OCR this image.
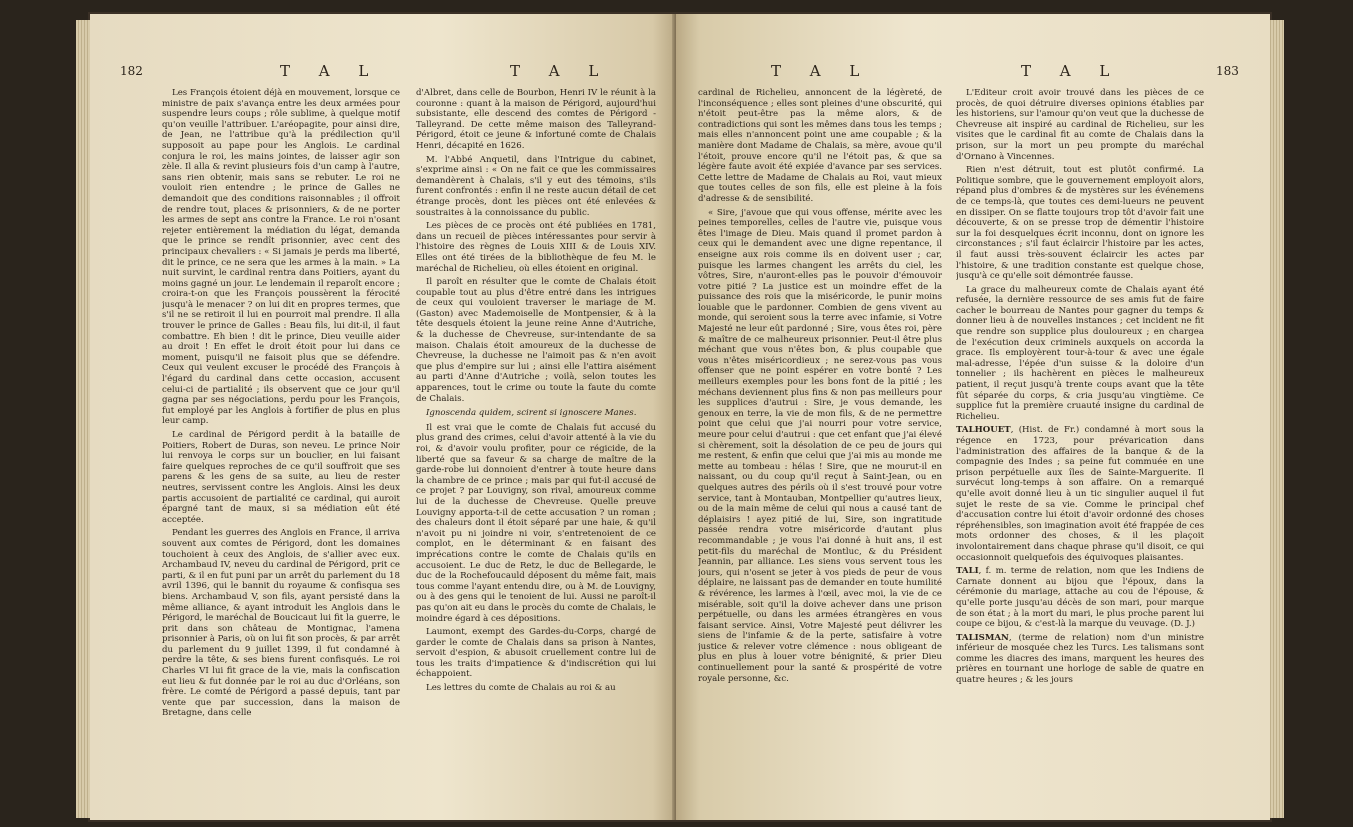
182	T A L	T A L

Les François étoient déjà en mouvement, lorsque ce ministre de paix s'avança entre les deux armées pour suspendre leurs coups ; rôle sublime, à quelque motif qu'on veuille l'attribuer. L'aréopagite, pour ainsi dire, de Jean, ne l'attribue qu'à la prédilection qu'il supposoit au pape pour les Anglois. Le cardinal conjura le roi, les mains jointes, de laisser agir son zèle. Il alla & revint plusieurs fois d'un camp à l'autre, sans rien obtenir, mais sans se rebuter. Le roi ne vouloit rien entendre ; le prince de Galles ne demandoit que des conditions raisonnables ; il offroit de rendre tout, places & prisonniers, & de ne porter les armes de sept ans contre la France. Le roi n'osant rejeter entièrement la médiation du légat, demanda que le prince se rendît prisonnier, avec cent des principaux chevaliers : « Si jamais je perds ma liberté, dit le prince, ce ne sera que les armes à la main. » La nuit survint, le cardinal rentra dans Poitiers, ayant du moins gagné un jour. Le lendemain il reparoît encore ; croira-t-on que les François poussèrent la férocité jusqu'à le menacer ? on lui dit en propres termes, que s'il ne se retiroit il lui en pourroit mal prendre. Il alla trouver le prince de Galles : Beau fils, lui dit-il, il faut combattre. Eh bien ! dit le prince, Dieu veuille aider au droit ! En effet le droit étoit pour lui dans ce moment, puisqu'il ne faisoit plus que se défendre. Ceux qui veulent excuser le procédé des François à l'égard du cardinal dans cette occasion, accusent celui-ci de partialité ; ils observent que ce jour qu'il gagna par ses négociations, perdu pour les François, fut employé par les Anglois à fortifier de plus en plus leur camp.

Le cardinal de Périgord perdit à la bataille de Poitiers, Robert de Duras, son neveu. Le prince Noir lui renvoya le corps sur un bouclier, en lui faisant faire quelques reproches de ce qu'il souffroit que ses parens & les gens de sa suite, au lieu de rester neutres, servissent contre les Anglois. Ainsi les deux partis accusoient de partialité ce cardinal, qui auroit épargné tant de maux, si sa médiation eût été acceptée.

Pendant les guerres des Anglois en France, il arriva souvent aux comtes de Périgord, dont les domaines touchoient à ceux des Anglois, de s'allier avec eux. Archambaud IV, neveu du cardinal de Périgord, prit ce parti, & il en fut puni par un arrêt du parlement du 18 avril 1396, qui le bannit du royaume & confisqua ses biens. Archambaud V, son fils, ayant persisté dans la même alliance, & ayant introduit les Anglois dans le Périgord, le maréchal de Boucicaut lui fit la guerre, le prit dans son château de Montignac, l'amena prisonnier à Paris, où on lui fit son procès, & par arrêt du parlement du 9 juillet 1399, il fut condamné à perdre la tête, & ses biens furent confisqués. Le roi Charles VI lui fit grace de la vie, mais la confiscation eut lieu & fut donnée par le roi au duc d'Orléans, son frère. Le comté de Périgord a passé depuis, tant par vente que par succession, dans la maison de Bretagne, dans celle

d'Albret, dans celle de Bourbon, Henri IV le réunit à la couronne : quant à la maison de Périgord, aujourd'hui subsistante, elle descend des comtes de Périgord - Talleyrand. De cette même maison des Talleyrand-Périgord, étoit ce jeune & infortuné comte de Chalais Henri, décapité en 1626.

M. l'Abbé Anquetil, dans l'Intrigue du cabinet, s'exprime ainsi : « On ne fait ce que les commissaires demandèrent à Chalais, s'il y eut des témoins, s'ils furent confrontés : enfin il ne reste aucun détail de cet étrange procès, dont les pièces ont été enlevées & soustraites à la connoissance du public.

Les pièces de ce procès ont été publiées en 1781, dans un recueil de pièces intéressantes pour servir à l'histoire des règnes de Louis XIII & de Louis XIV. Elles ont été tirées de la bibliothèque de feu M. le maréchal de Richelieu, où elles étoient en original.

Il paroît en résulter que le comte de Chalais étoit coupable tout au plus d'être entré dans les intrigues de ceux qui vouloient traverser le mariage de M. (Gaston) avec Mademoiselle de Montpensier, & à la tête desquels étoient la jeune reine Anne d'Autriche, & la duchesse de Chevreuse, sur-intendante de sa maison. Chalais étoit amoureux de la duchesse de Chevreuse, la duchesse ne l'aimoit pas & n'en avoit que plus d'empire sur lui ; ainsi elle l'attira aisément au parti d'Anne d'Autriche ; voilà, selon toutes les apparences, tout le crime ou toute la faute du comte de Chalais.

Ignoscenda quidem, scirent si ignoscere Manes.

Il est vrai que le comte de Chalais fut accusé du plus grand des crimes, celui d'avoir attenté à la vie du roi, & d'avoir voulu profiter, pour ce régicide, de la liberté que sa faveur & sa charge de maître de la garde-robe lui donnoient d'entrer à toute heure dans la chambre de ce prince ; mais par qui fut-il accusé de ce projet ? par Louvigny, son rival, amoureux comme lui de la duchesse de Chevreuse. Quelle preuve Louvigny apporta-t-il de cette accusation ? un roman ; des chaleurs dont il étoit séparé par une haie, & qu'il n'avoit pu ni joindre ni voir, s'entretenoient de ce complot, en le déterminant & en faisant des imprécations contre le comte de Chalais qu'ils en accusoient. Le duc de Retz, le duc de Bellegarde, le duc de la Rochefoucauld déposent du même fait, mais tous comme l'ayant entendu dire, ou à M. de Louvigny, ou à des gens qui le tenoient de lui. Aussi ne paroît-il pas qu'on ait eu dans le procès du comte de Chalais, le moindre égard à ces dépositions.

Laumont, exempt des Gardes-du-Corps, chargé de garder le comte de Chalais dans sa prison à Nantes, servoit d'espion, & abusoit cruellement contre lui de tous les traits d'impatience & d'indiscrétion qui lui échappoient.

Les lettres du comte de Chalais au roi & au

T A L	T A L	183

cardinal de Richelieu, annoncent de la légèreté, de l'inconséquence ; elles sont pleines d'une obscurité, qui n'étoit peut-être pas la même alors, & de contradictions qui sont les mêmes dans tous les temps ; mais elles n'annoncent point une ame coupable ; & la manière dont Madame de Chalais, sa mère, avoue qu'il l'étoit, prouve encore qu'il ne l'étoit pas, & que sa légère faute avoit été expiée d'avance par ses services. Cette lettre de Madame de Chalais au Roi, vaut mieux que toutes celles de son fils, elle est pleine à la fois d'adresse & de sensibilité.

« Sire, j'avoue que qui vous offense, mérite avec les peines temporelles, celles de l'autre vie, puisque vous êtes l'image de Dieu. Mais quand il promet pardon à ceux qui le demandent avec une digne repentance, il enseigne aux rois comme ils en doivent user ; car, puisque les larmes changent les arrêts du ciel, les vôtres, Sire, n'auront-elles pas le pouvoir d'émouvoir votre pitié ? La justice est un moindre effet de la puissance des rois que la miséricorde, le punir moins louable que le pardonner. Combien de gens vivent au monde, qui seroient sous la terre avec infamie, si Votre Majesté ne leur eût pardonné ; Sire, vous êtes roi, père & maître de ce malheureux prisonnier. Peut-il être plus méchant que vous n'êtes bon, & plus coupable que vous n'êtes miséricordieux ; ne serez-vous pas vous offenser que ne point espérer en votre bonté ? Les meilleurs exemples pour les bons font de la pitié ; les méchans deviennent plus fins & non pas meilleurs pour les supplices d'autrui : Sire, je vous demande, les genoux en terre, la vie de mon fils, & de ne permettre point que celui que j'ai nourri pour votre service, meure pour celui d'autrui : que cet enfant que j'ai élevé si chèrement, soit la désolation de ce peu de jours qui me restent, & enfin que celui que j'ai mis au monde me mette au tombeau : hélas ! Sire, que ne mourut-il en naissant, ou du coup qu'il reçut à Saint-Jean, ou en quelques autres des périls où il s'est trouvé pour votre service, tant à Montauban, Montpellier qu'autres lieux, ou de la main même de celui qui nous a causé tant de déplaisirs ! ayez pitié de lui, Sire, son ingratitude passée rendra votre miséricorde d'autant plus recommandable ; je vous l'ai donné à huit ans, il est petit-fils du maréchal de Montluc, & du Président Jeannin, par alliance. Les siens vous servent tous les jours, qui n'osent se jeter à vos pieds de peur de vous déplaire, ne laissant pas de demander en toute humilité & révérence, les larmes à l'œil, avec moi, la vie de ce misérable, soit qu'il la doive achever dans une prison perpétuelle, ou dans les armées étrangères en vous faisant service. Ainsi, Votre Majesté peut délivrer les siens de l'infamie & de la perte, satisfaire à votre justice & relever votre clémence : nous obligeant de plus en plus à louer votre bénignité, & prier Dieu continuellement pour la santé & prospérité de votre royale personne, &c.

L'Editeur croit avoir trouvé dans les pièces de ce procès, de quoi détruire diverses opinions établies par les historiens, sur l'amour qu'on veut que la duchesse de Chevreuse ait inspiré au cardinal de Richelieu, sur les visites que le cardinal fit au comte de Chalais dans la prison, sur la mort un peu prompte du maréchal d'Ornano à Vincennes.

Rien n'est détruit, tout est plutôt confirmé. La Politique sombre, que le gouvernement employoit alors, répand plus d'ombres & de mystères sur les événemens de ce temps-là, que toutes ces demi-lueurs ne peuvent en dissiper. On se flatte toujours trop tôt d'avoir fait une découverte, & on se presse trop de démentir l'histoire sur la foi desquelques écrit inconnu, dont on ignore les circonstances ; s'il faut éclaircir l'histoire par les actes, il faut aussi très-souvent éclaircir les actes par l'histoire, & une tradition constante est quelque chose, jusqu'à ce qu'elle soit démontrée fausse.

La grace du malheureux comte de Chalais ayant été refusée, la dernière ressource de ses amis fut de faire cacher le bourreau de Nantes pour gagner du temps & donner lieu à de nouvelles instances ; cet incident ne fit que rendre son supplice plus douloureux ; en chargea de l'exécution deux criminels auxquels on accorda la grace. Ils employèrent tour-à-tour & avec une égale mal-adresse, l'épée d'un suisse & la doloire d'un tonnelier ; ils hachèrent en pièces le malheureux patient, il reçut jusqu'à trente coups avant que la tête fût séparée du corps, & cria jusqu'au vingtième. Ce supplice fut la première cruauté insigne du cardinal de Richelieu.

TALHOUET, (Hist. de Fr.) condamné à mort sous la régence en 1723, pour prévarication dans l'administration des affaires de la banque & de la compagnie des Indes ; sa peine fut commuée en une prison perpétuelle aux îles de Sainte-Marguerite. Il survécut long-temps à son affaire. On a remarqué qu'elle avoit donné lieu à un tic singulier auquel il fut sujet le reste de sa vie. Comme le principal chef d'accusation contre lui étoit d'avoir ordonné des choses répréhensibles, son imagination avoit été frappée de ces mots ordonner des choses, & il les plaçoit involontairement dans chaque phrase qu'il disoit, ce qui occasionnoit quelquefois des équivoques plaisantes.

TALI, f. m. terme de relation, nom que les Indiens de Carnate donnent au bijou que l'époux, dans la cérémonie du mariage, attache au cou de l'épouse, & qu'elle porte jusqu'au décès de son mari, pour marque de son état ; à la mort du mari, le plus proche parent lui coupe ce bijou, & c'est-là la marque du veuvage. (D. J.)

TALISMAN, (terme de relation) nom d'un ministre inférieur de mosquée chez les Turcs. Les talismans sont comme les diacres des imans, marquent les heures des prières en tournant une horloge de sable de quatre en quatre heures ; & les jours
